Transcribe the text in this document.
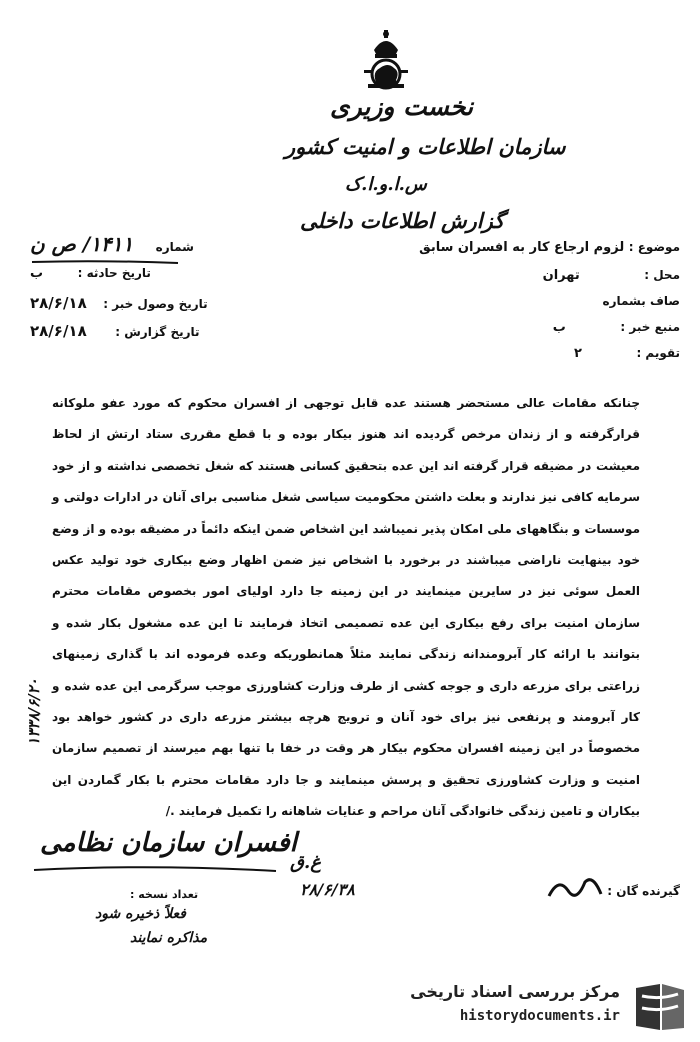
نخست وزیری
سازمان اطلاعات و امنیت کشور
س.ا.و.ا.ک
گزارش اطلاعات داخلی
موضوع : لزوم ارجاع کار به افسران سابق
محل : تهران
صاف بشماره
منبع خبر : ب
تقویم : ۲
شماره ۱۴۱۱/ ص ن
تاریخ حادثه : ب
تاریخ وصول خبر : ۲۸/۶/۱۸
تاریخ گزارش : ۲۸/۶/۱۸

چنانکه مقامات عالی مستحضر هستند عده قابل توجهی از افسران محکوم که مورد عفو ملوکانه قرارگرفته و از زندان مرخص گردیده اند هنوز بیکار بوده و با قطع مقرری ستاد ارتش از لحاظ معیشت در مضیقه قرار گرفته اند این عده بتحقیق کسانی هستند که شغل تخصصی نداشته و از خود سرمایه کافی نیز ندارند و بعلت داشتن محکومیت سیاسی شغل مناسبی برای آنان در ادارات دولتی و موسسات و بنگاههای ملی امکان پذیر نمیباشد این اشخاص ضمن اینکه دائماً در مضیقه بوده و از وضع خود بینهایت ناراضی میباشند در برخورد با اشخاص نیز ضمن اظهار وضع بیکاری خود تولید عکس العمل سوئی نیز در سایرین مینمایند در این زمینه جا دارد اولیای امور بخصوص مقامات محترم سازمان امنیت برای رفع بیکاری این عده تصمیمی اتخاذ فرمایند تا این عده مشغول بکار شده و بتوانند با ارائه کار آبرومندانه زندگی نمایند مثلاً همانطوریکه وعده فرموده اند با گذاری زمینهای زراعتی برای مزرعه داری و جوجه کشی از طرف وزارت کشاورزی موجب سرگرمی این عده شده و کار آبرومند و پرنفعی نیز برای خود آنان و ترویج هرچه بیشتر مزرعه داری در کشور خواهد بود مخصوصاً در این زمینه افسران محکوم بیکار هر وقت در خفا با تنها بهم میرسند از تصمیم سازمان امنیت و وزارت کشاورزی تحقیق و پرسش مینمایند و جا دارد مقامات محترم با بکار گماردن این بیکاران و تامین زندگی خانوادگی آنان مراحم و عنایات شاهانه را تکمیل فرمایند ./

۱۳۳۸/۶/۲۰
افسران سازمان نظامی
غ.ق
۲۸/۶/۳۸	گیرنده گان :
تعداد نسخه :
فعلاً ذخیره شود
مذاکره نمایند
مرکز بررسی اسناد تاریخی
historydocuments.ir
